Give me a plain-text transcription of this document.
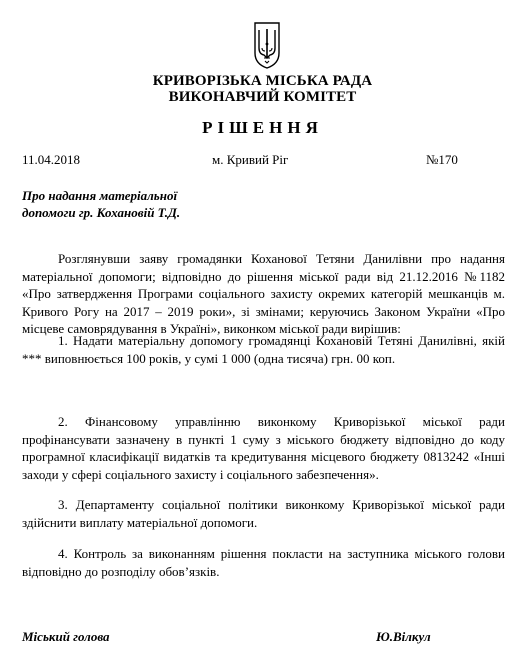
КРИВОРІЗЬКА МІСЬКА РАДА
ВИКОНАВЧИЙ КОМІТЕТ
РІШЕННЯ
11.04.2018	м. Кривий Ріг	№170
Про надання матеріальної
допомоги гр. Кохановій Т.Д.

Розглянувши заяву громадянки Коханової Тетяни Данилівни про надання матеріальної допомоги; відповідно до рішення міської ради від 21.12.2016 №1182 «Про затвердження Програми соціального захисту окремих категорій мешканців м. Кривого Рогу на 2017 – 2019 роки», зі змінами; керуючись Законом України «Про місцеве самоврядування в Україні», виконком міської ради вирішив:

1. Надати матеріальну допомогу громадянці Кохановій Тетяні Данилівні, якій *** виповнюється 100 років, у сумі 1 000 (одна тисяча) грн. 00 коп.

2. Фінансовому управлінню виконкому Криворізької міської ради профінансувати зазначену в пункті 1 суму з міського бюджету відповідно до коду програмної класифікації видатків та кредитування місцевого бюджету 0813242 «Інші заходи у сфері соціального захисту і соціального забезпечення».

3. Департаменту соціальної політики виконкому Криворізької міської ради здійснити виплату матеріальної допомоги.

4. Контроль за виконанням рішення покласти на заступника міського голови відповідно до розподілу обов’язків.

Міський голова	Ю.Вілкул
